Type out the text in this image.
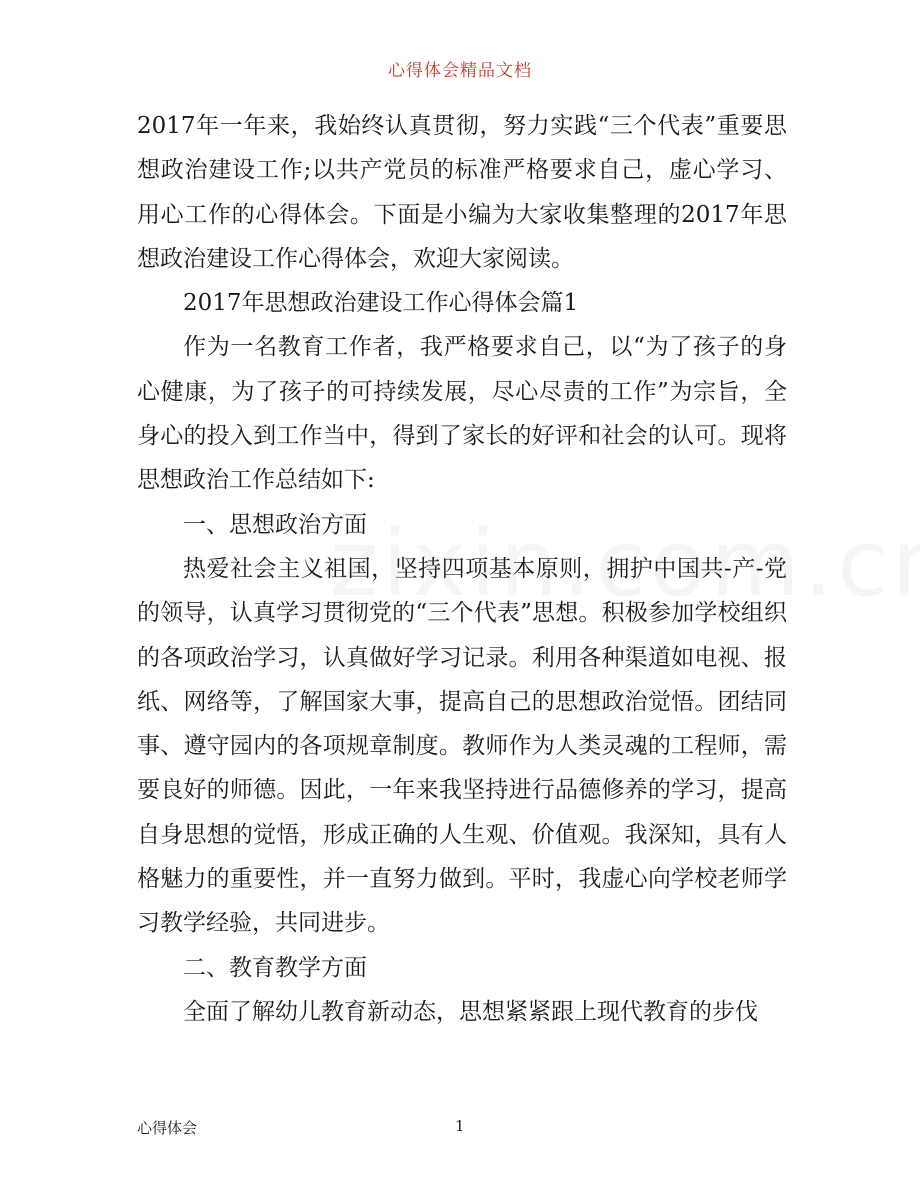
心得体会精品文档

2017年一年来，我始终认真贯彻，努力实践“三个代表”重要思想政治建设工作;以共产党员的标准严格要求自己，虚心学习、用心工作的心得体会。下面是小编为大家收集整理的2017年思想政治建设工作心得体会，欢迎大家阅读。

2017年思想政治建设工作心得体会篇1

作为一名教育工作者，我严格要求自己，以“为了孩子的身心健康，为了孩子的可持续发展，尽心尽责的工作”为宗旨，全身心的投入到工作当中，得到了家长的好评和社会的认可。现将思想政治工作总结如下:

一、思想政治方面

热爱社会主义祖国，坚持四项基本原则，拥护中国共-产-党的领导，认真学习贯彻党的“三个代表”思想。积极参加学校组织的各项政治学习，认真做好学习记录。利用各种渠道如电视、报纸、网络等，了解国家大事，提高自己的思想政治觉悟。团结同事、遵守园内的各项规章制度。教师作为人类灵魂的工程师，需要良好的师德。因此，一年来我坚持进行品德修养的学习，提高自身思想的觉悟，形成正确的人生观、价值观。我深知，具有人格魅力的重要性，并一直努力做到。平时，我虚心向学校老师学习教学经验，共同进步。

二、教育教学方面

全面了解幼儿教育新动态，思想紧紧跟上现代教育的步伐

心得体会	1
